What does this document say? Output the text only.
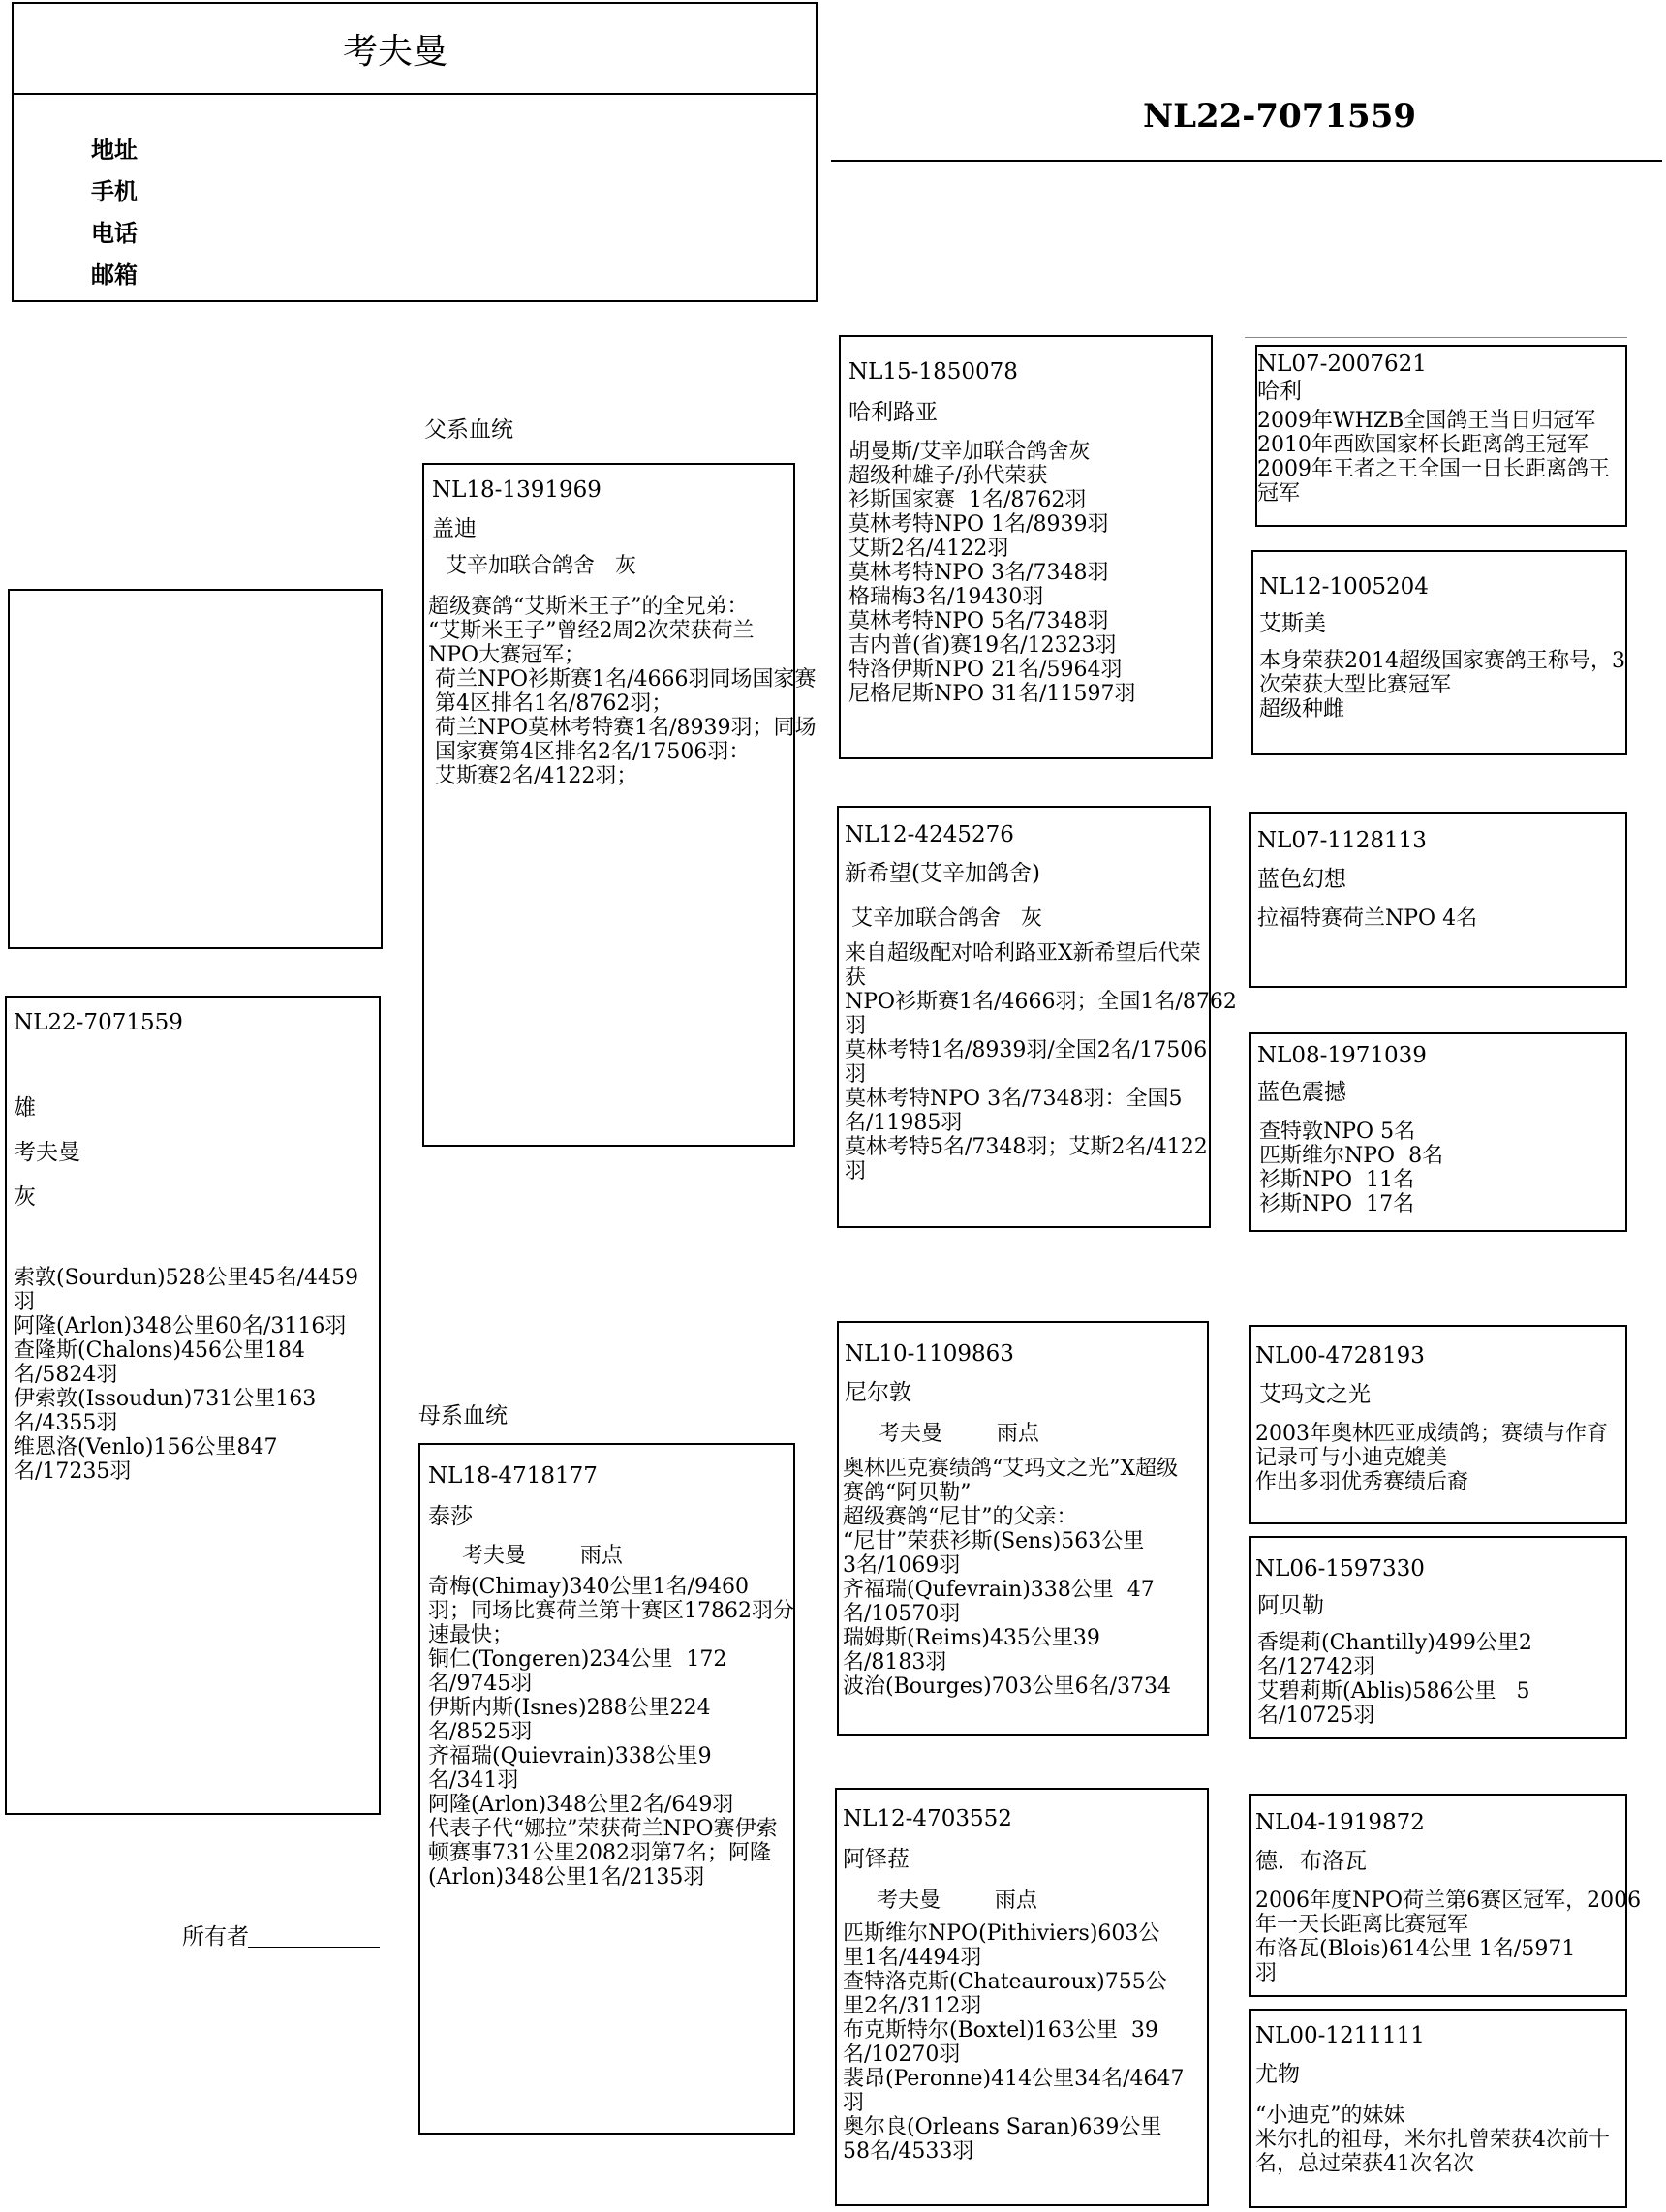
考夫曼
地址
手机
电话
邮箱
NL22-7071559
NL22-7071559
雄
考夫曼
灰
索敦(Sourdun)528公里45名/4459
羽
阿隆(Arlon)348公里60名/3116羽
查隆斯(Chalons)456公里184
名/5824羽
伊索敦(Issoudun)731公里163
名/4355羽
维恩洛(Venlo)156公里847
名/17235羽
所有者
父系血统
NL18-1391969
盖迪
艾辛加联合鸽舍   灰
超级赛鸽“艾斯米王子”的全兄弟：
“艾斯米王子”曾经2周2次荣获荷兰
NPO大赛冠军；
荷兰NPO衫斯赛1名/4666羽同场国家赛
第4区排名1名/8762羽；
荷兰NPO莫林考特赛1名/8939羽；同场
国家赛第4区排名2名/17506羽：
艾斯赛2名/4122羽；
母系血统
NL18-4718177
泰莎
考夫曼        雨点
奇梅(Chimay)340公里1名/9460
羽；同场比赛荷兰第十赛区17862羽分
速最快；
铜仁(Tongeren)234公里  172
名/9745羽
伊斯内斯(Isnes)288公里224
名/8525羽
齐福瑞(Quievrain)338公里9
名/341羽
阿隆(Arlon)348公里2名/649羽
代表子代“娜拉”荣获荷兰NPO赛伊索
顿赛事731公里2082羽第7名；阿隆
(Arlon)348公里1名/2135羽
NL15-1850078
哈利路亚
胡曼斯/艾辛加联合鸽舍灰
超级种雄子/孙代荣获
衫斯国家赛  1名/8762羽
莫林考特NPO 1名/8939羽
艾斯2名/4122羽
莫林考特NPO 3名/7348羽
格瑞梅3名/19430羽
莫林考特NPO 5名/7348羽
吉内普(省)赛19名/12323羽
特洛伊斯NPO 21名/5964羽
尼格尼斯NPO 31名/11597羽
NL12-4245276
新希望(艾辛加鸽舍)
艾辛加联合鸽舍   灰
来自超级配对哈利路亚X新希望后代荣
获
NPO衫斯赛1名/4666羽；全国1名/8762
羽
莫林考特1名/8939羽/全国2名/17506
羽
莫林考特NPO 3名/7348羽：全国5
名/11985羽
莫林考特5名/7348羽；艾斯2名/4122
羽
NL10-1109863
尼尔敦
考夫曼        雨点
奥林匹克赛绩鸽“艾玛文之光”X超级
赛鸽“阿贝勒”
超级赛鸽“尼甘”的父亲：
“尼甘”荣获衫斯(Sens)563公里
3名/1069羽
齐福瑞(Qufevrain)338公里  47
名/10570羽
瑞姆斯(Reims)435公里39
名/8183羽
波治(Bourges)703公里6名/3734
NL12-4703552
阿铎菈
考夫曼        雨点
匹斯维尔NPO(Pithiviers)603公
里1名/4494羽
查特洛克斯(Chateauroux)755公
里2名/3112羽
布克斯特尔(Boxtel)163公里  39
名/10270羽
裴昂(Peronne)414公里34名/4647
羽
奥尔良(Orleans Saran)639公里
58名/4533羽
NL07-2007621
哈利
2009年WHZB全国鸽王当日归冠军
2010年西欧国家杯长距离鸽王冠军
2009年王者之王全国一日长距离鸽王
冠军
NL12-1005204
艾斯美
本身荣获2014超级国家赛鸽王称号，3
次荣获大型比赛冠军
超级种雌
NL07-1128113
蓝色幻想
拉福特赛荷兰NPO 4名
NL08-1971039
蓝色震撼
查特敦NPO 5名
匹斯维尔NPO  8名
衫斯NPO  11名
衫斯NPO  17名
NL00-4728193
艾玛文之光
2003年奥林匹亚成绩鸽；赛绩与作育
记录可与小迪克媲美
作出多羽优秀赛绩后裔
NL06-1597330
阿贝勒
香缇莉(Chantilly)499公里2
名/12742羽
艾碧莉斯(Ablis)586公里   5
名/10725羽
NL04-1919872
德．布洛瓦
2006年度NPO荷兰第6赛区冠军，2006
年一天长距离比赛冠军
布洛瓦(Blois)614公里 1名/5971
羽
NL00-1211111
尤物
“小迪克”的妹妹
米尔扎的祖母，米尔扎曾荣获4次前十
名，总过荣获41次名次
